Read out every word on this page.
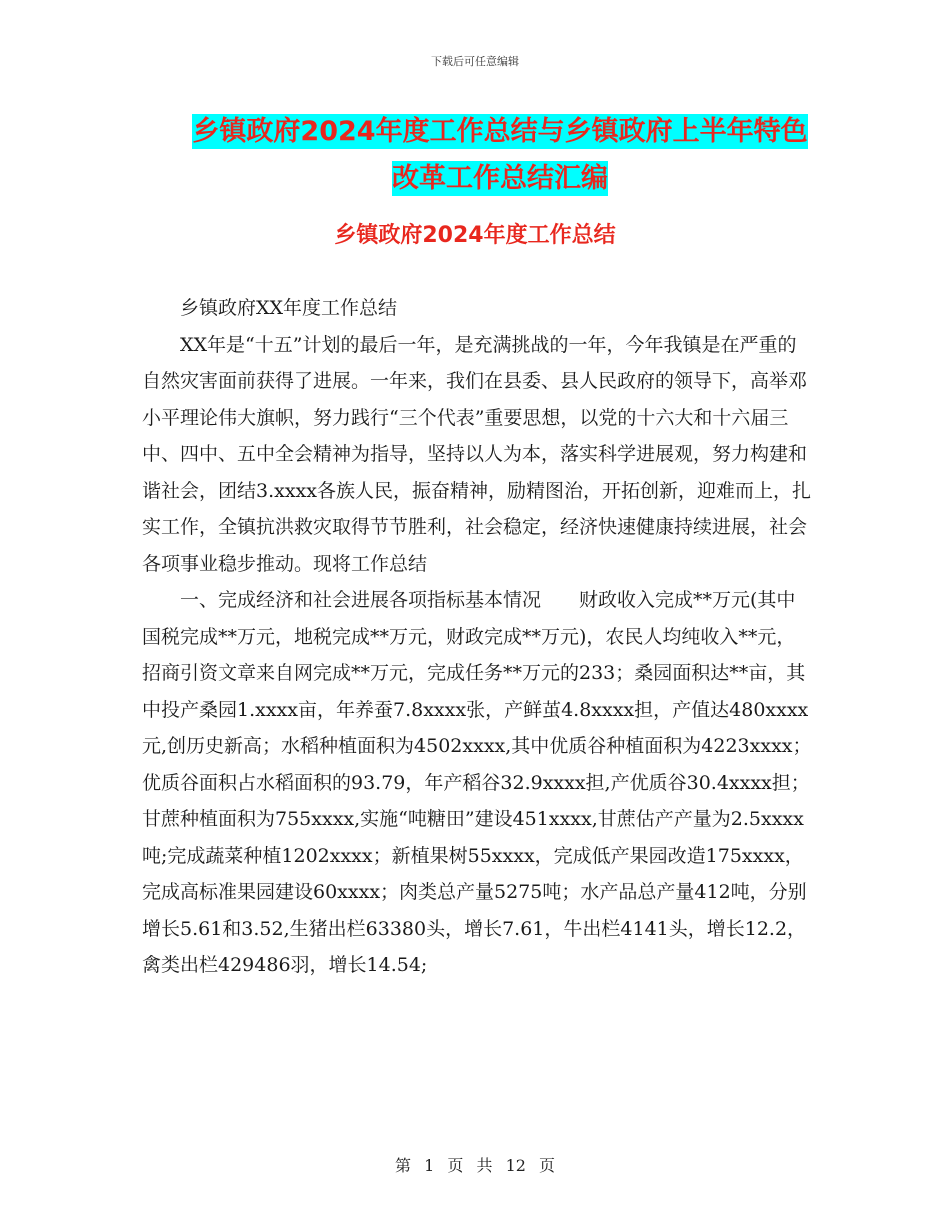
下载后可任意编辑
乡镇政府2024年度工作总结与乡镇政府上半年特色改革工作总结汇编
乡镇政府2024年度工作总结

乡镇政府XX年度工作总结

XX年是“十五”计划的最后一年，是充满挑战的一年，今年我镇是在严重的自然灾害面前获得了进展。一年来，我们在县委、县人民政府的领导下，高举邓小平理论伟大旗帜，努力践行“三个代表”重要思想，以党的十六大和十六届三中、四中、五中全会精神为指导，坚持以人为本，落实科学进展观，努力构建和谐社会，团结3.xxxx各族人民，振奋精神，励精图治，开拓创新，迎难而上，扎实工作，全镇抗洪救灾取得节节胜利，社会稳定，经济快速健康持续进展，社会各项事业稳步推动。现将工作总结

一、完成经济和社会进展各项指标基本情况　　财政收入完成**万元(其中国税完成**万元，地税完成**万元，财政完成**万元)，农民人均纯收入**元，招商引资文章来自网完成**万元，完成任务**万元的233；桑园面积达**亩，其中投产桑园1.xxxx亩，年养蚕7.8xxxx张，产鲜茧4.8xxxx担，产值达480xxxx元,创历史新高；水稻种植面积为4502xxxx,其中优质谷种植面积为4223xxxx；优质谷面积占水稻面积的93.79，年产稻谷32.9xxxx担,产优质谷30.4xxxx担；甘蔗种植面积为755xxxx,实施“吨糖田”建设451xxxx,甘蔗估产产量为2.5xxxx吨;完成蔬菜种植1202xxxx；新植果树55xxxx，完成低产果园改造175xxxx，完成高标准果园建设60xxxx；肉类总产量5275吨；水产品总产量412吨，分别增长5.61和3.52,生猪出栏63380头，增长7.61，牛出栏4141头，增长12.2，禽类出栏429486羽，增长14.54;

第 1 页 共 12 页
